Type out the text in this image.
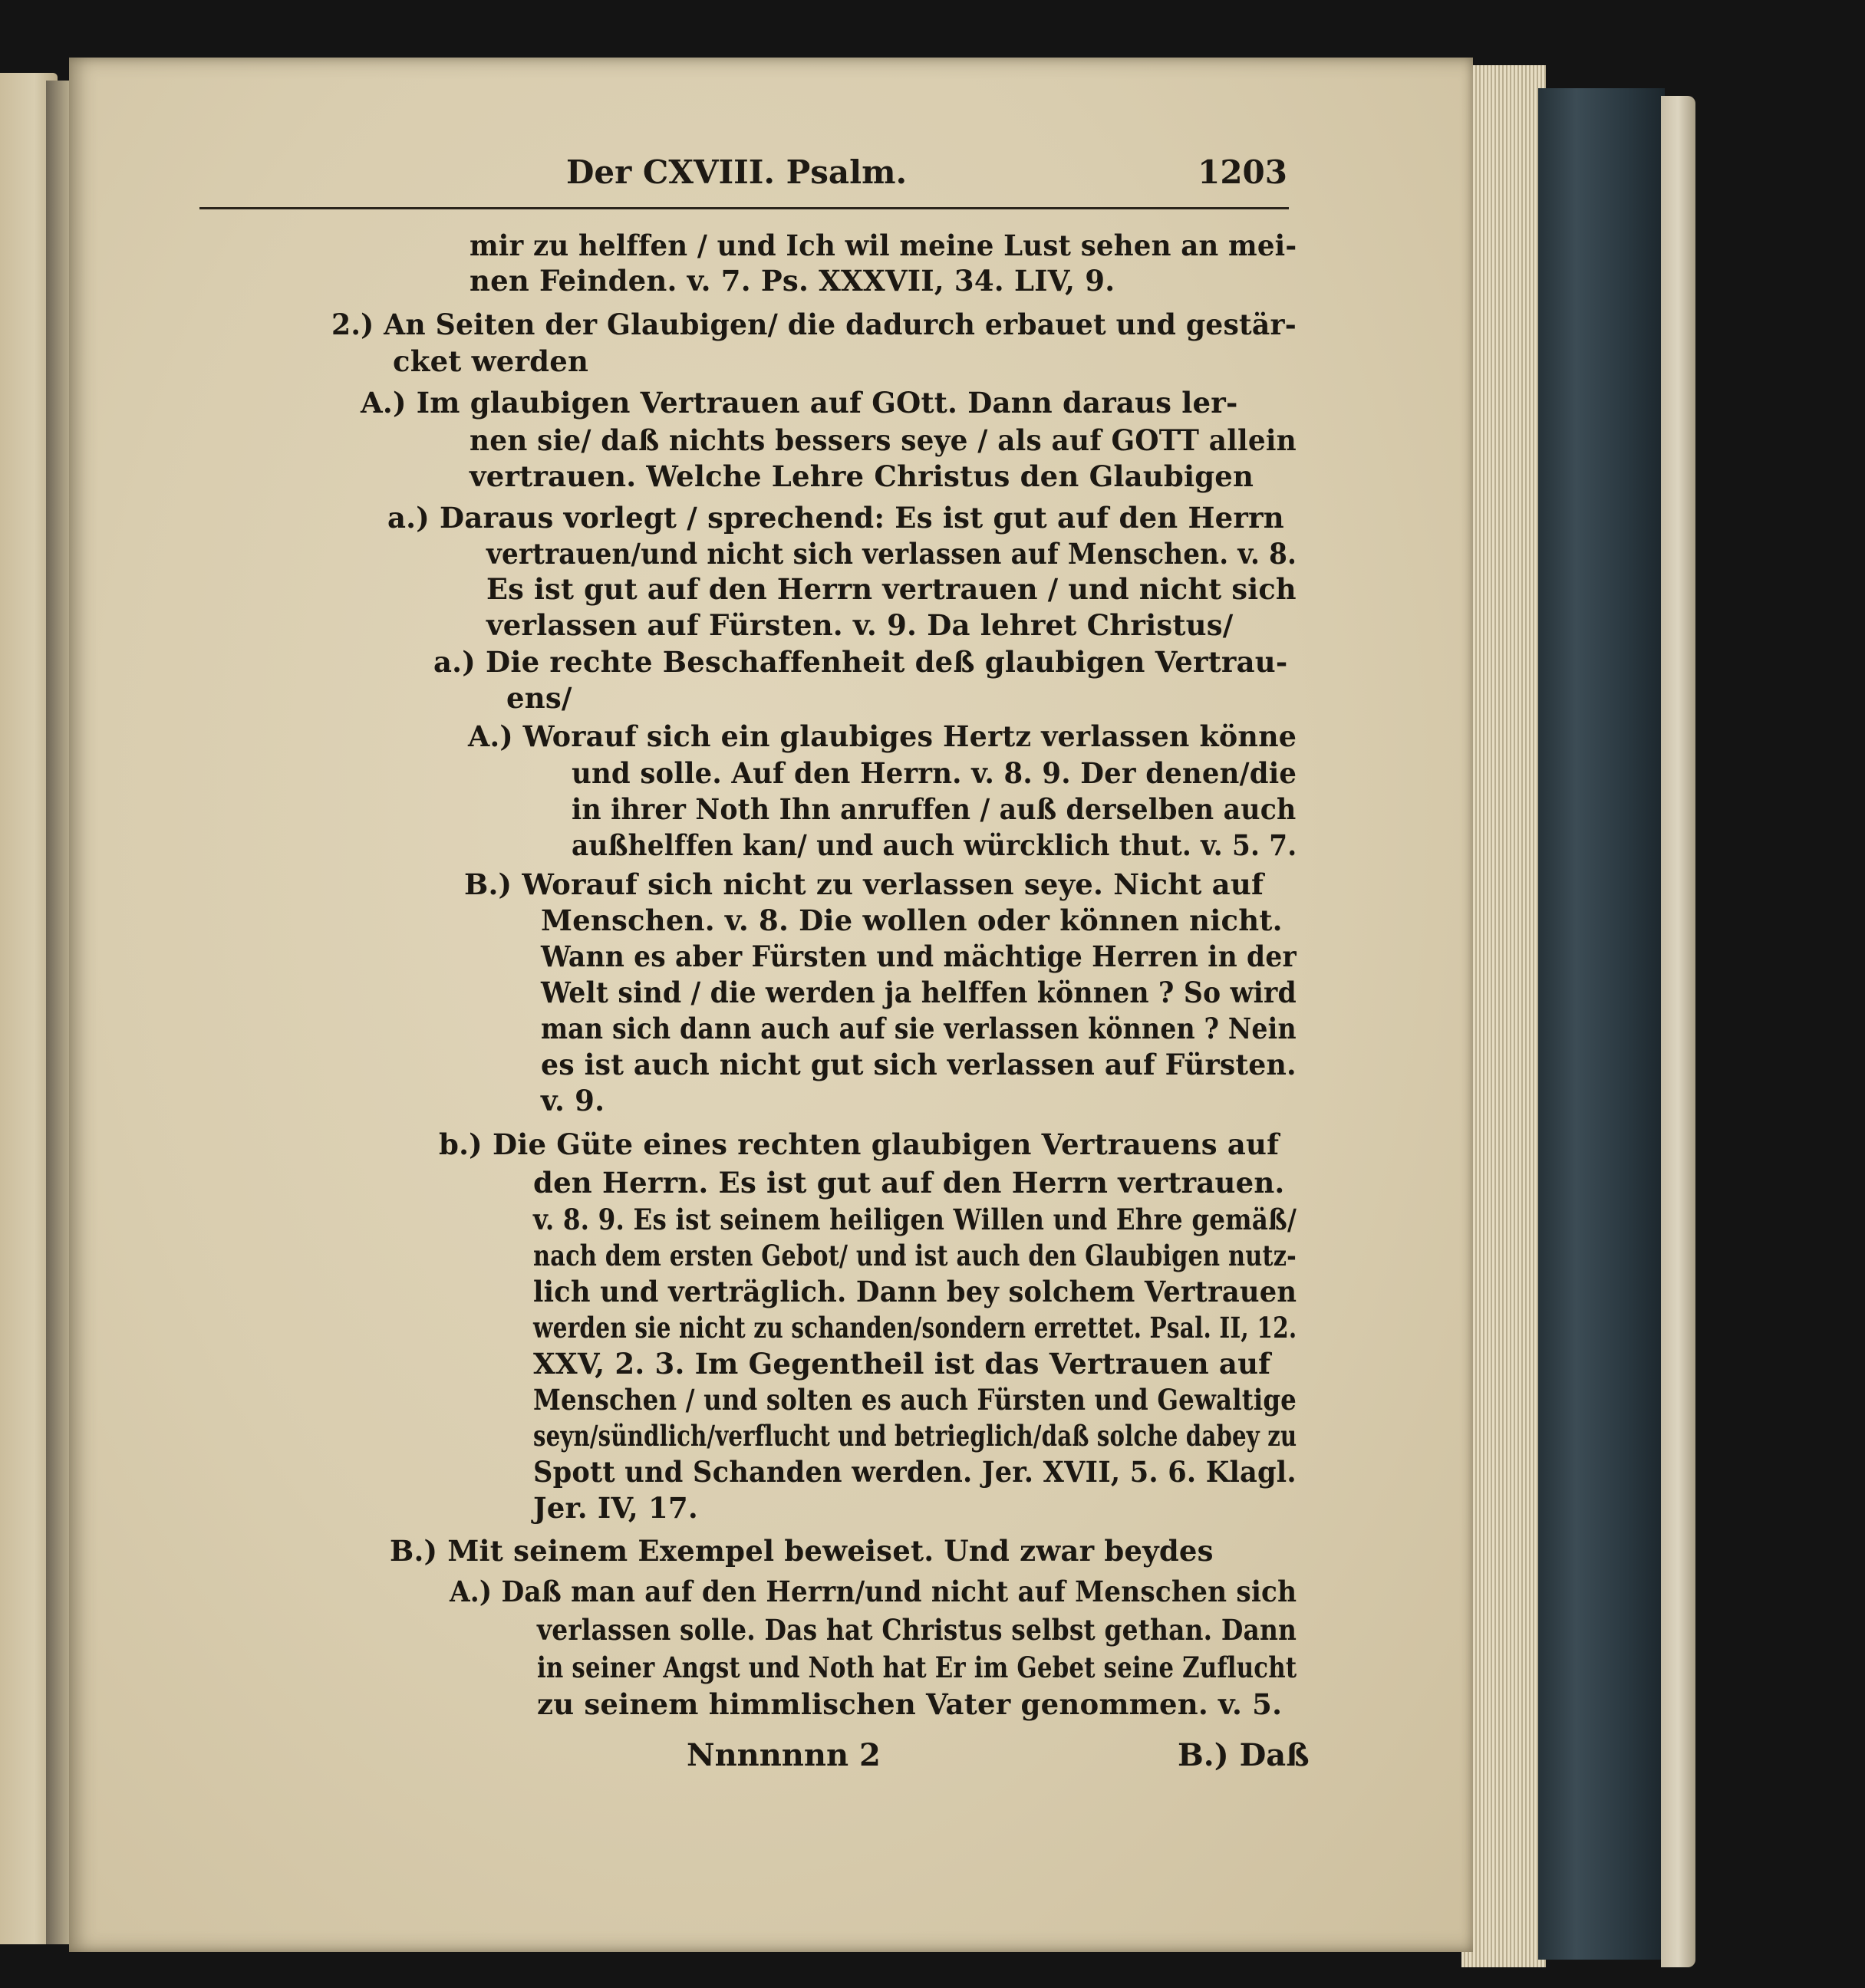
Der CXVIII. Psalm.	1203
mir zu helffen / und Ich wil meine Lust sehen an mei-
nen Feinden. v. 7. Ps. XXXVII, 34. LIV, 9.
2.) An Seiten der Glaubigen/ die dadurch erbauet und gestär-
cket werden
A.) Im glaubigen Vertrauen auf GOtt. Dann daraus ler-
nen sie/ daß nichts bessers seye / als auf GOTT allein
vertrauen. Welche Lehre Christus den Glaubigen
a.) Daraus vorlegt / sprechend: Es ist gut auf den Herrn
vertrauen/und nicht sich verlassen auf Menschen. v. 8.
Es ist gut auf den Herrn vertrauen / und nicht sich
verlassen auf Fürsten. v. 9. Da lehret Christus/
a.) Die rechte Beschaffenheit deß glaubigen Vertrau-
ens/
A.) Worauf sich ein glaubiges Hertz verlassen könne
und solle. Auf den Herrn. v. 8. 9. Der denen/die
in ihrer Noth Ihn anruffen / auß derselben auch
außhelffen kan/ und auch würcklich thut. v. 5. 7.
B.) Worauf sich nicht zu verlassen seye. Nicht auf
Menschen. v. 8. Die wollen oder können nicht.
Wann es aber Fürsten und mächtige Herren in der
Welt sind / die werden ja helffen können ? So wird
man sich dann auch auf sie verlassen können ? Nein
es ist auch nicht gut sich verlassen auf Fürsten.
v. 9.
b.) Die Güte eines rechten glaubigen Vertrauens auf
den Herrn. Es ist gut auf den Herrn vertrauen.
v. 8. 9. Es ist seinem heiligen Willen und Ehre gemäß/
nach dem ersten Gebot/ und ist auch den Glaubigen nutz-
lich und verträglich. Dann bey solchem Vertrauen
werden sie nicht zu schanden/sondern errettet. Psal. II, 12.
XXV, 2. 3. Im Gegentheil ist das Vertrauen auf
Menschen / und solten es auch Fürsten und Gewaltige
seyn/sündlich/verflucht und betrieglich/daß solche dabey zu
Spott und Schanden werden. Jer. XVII, 5. 6. Klagl.
Jer. IV, 17.
B.) Mit seinem Exempel beweiset. Und zwar beydes
A.) Daß man auf den Herrn/und nicht auf Menschen sich
verlassen solle. Das hat Christus selbst gethan. Dann
in seiner Angst und Noth hat Er im Gebet seine Zuflucht
zu seinem himmlischen Vater genommen. v. 5.
Nnnnnnn 2	B.) Daß
